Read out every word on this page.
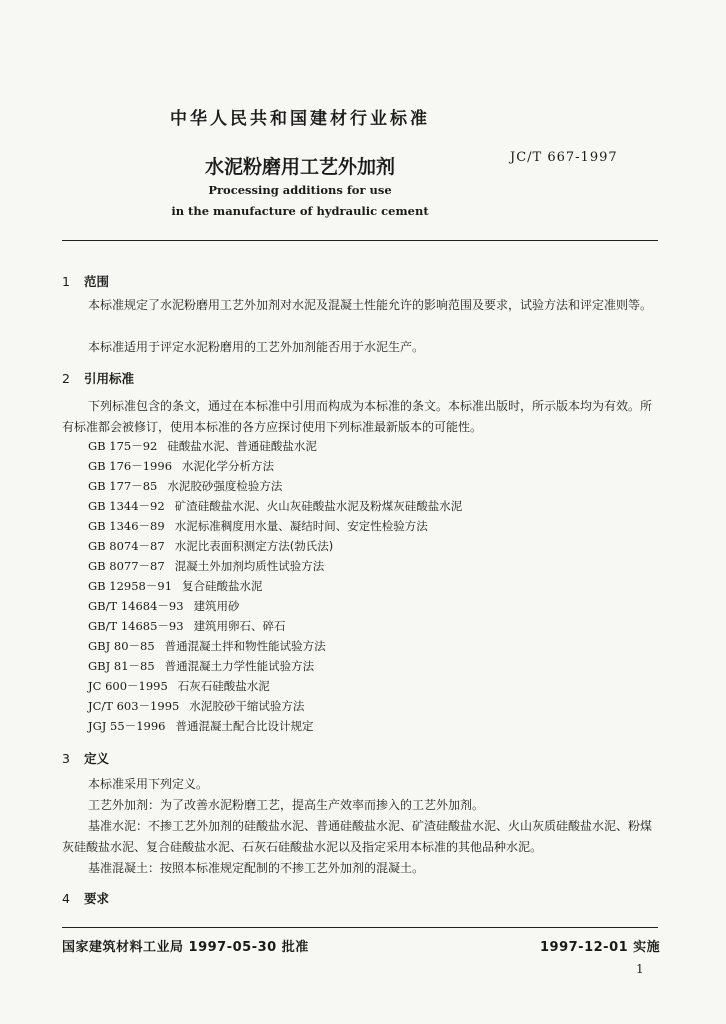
中华人民共和国建材行业标准
JC/T 667-1997
水泥粉磨用工艺外加剂
Processing additions for use
in the manufacture of hydraulic cement
1 范围
本标准规定了水泥粉磨用工艺外加剂对水泥及混凝土性能允许的影响范围及要求，试验方法和评定准则等。
本标准适用于评定水泥粉磨用的工艺外加剂能否用于水泥生产。
2 引用标准
下列标准包含的条文，通过在本标准中引用而构成为本标准的条文。本标准出版时，所示版本均为有效。所有标准都会被修订，使用本标准的各方应探讨使用下列标准最新版本的可能性。
GB 175－92 硅酸盐水泥、普通硅酸盐水泥
GB 176－1996 水泥化学分析方法
GB 177－85 水泥胶砂强度检验方法
GB 1344－92 矿渣硅酸盐水泥、火山灰硅酸盐水泥及粉煤灰硅酸盐水泥
GB 1346－89 水泥标准稠度用水量、凝结时间、安定性检验方法
GB 8074－87 水泥比表面积测定方法(勃氏法)
GB 8077－87 混凝土外加剂均质性试验方法
GB 12958－91 复合硅酸盐水泥
GB/T 14684－93 建筑用砂
GB/T 14685－93 建筑用卵石、碎石
GBJ 80－85 普通混凝土拌和物性能试验方法
GBJ 81－85 普通混凝土力学性能试验方法
JC 600－1995 石灰石硅酸盐水泥
JC/T 603－1995 水泥胶砂干缩试验方法
JGJ 55－1996 普通混凝土配合比设计规定
3 定义
本标准采用下列定义。
工艺外加剂：为了改善水泥粉磨工艺，提高生产效率而掺入的工艺外加剂。
基准水泥：不掺工艺外加剂的硅酸盐水泥、普通硅酸盐水泥、矿渣硅酸盐水泥、火山灰质硅酸盐水泥、粉煤灰硅酸盐水泥、复合硅酸盐水泥、石灰石硅酸盐水泥以及指定采用本标准的其他品种水泥。
基准混凝土：按照本标准规定配制的不掺工艺外加剂的混凝土。
4 要求
国家建筑材料工业局 1997-05-30 批准	1997-12-01 实施
1
